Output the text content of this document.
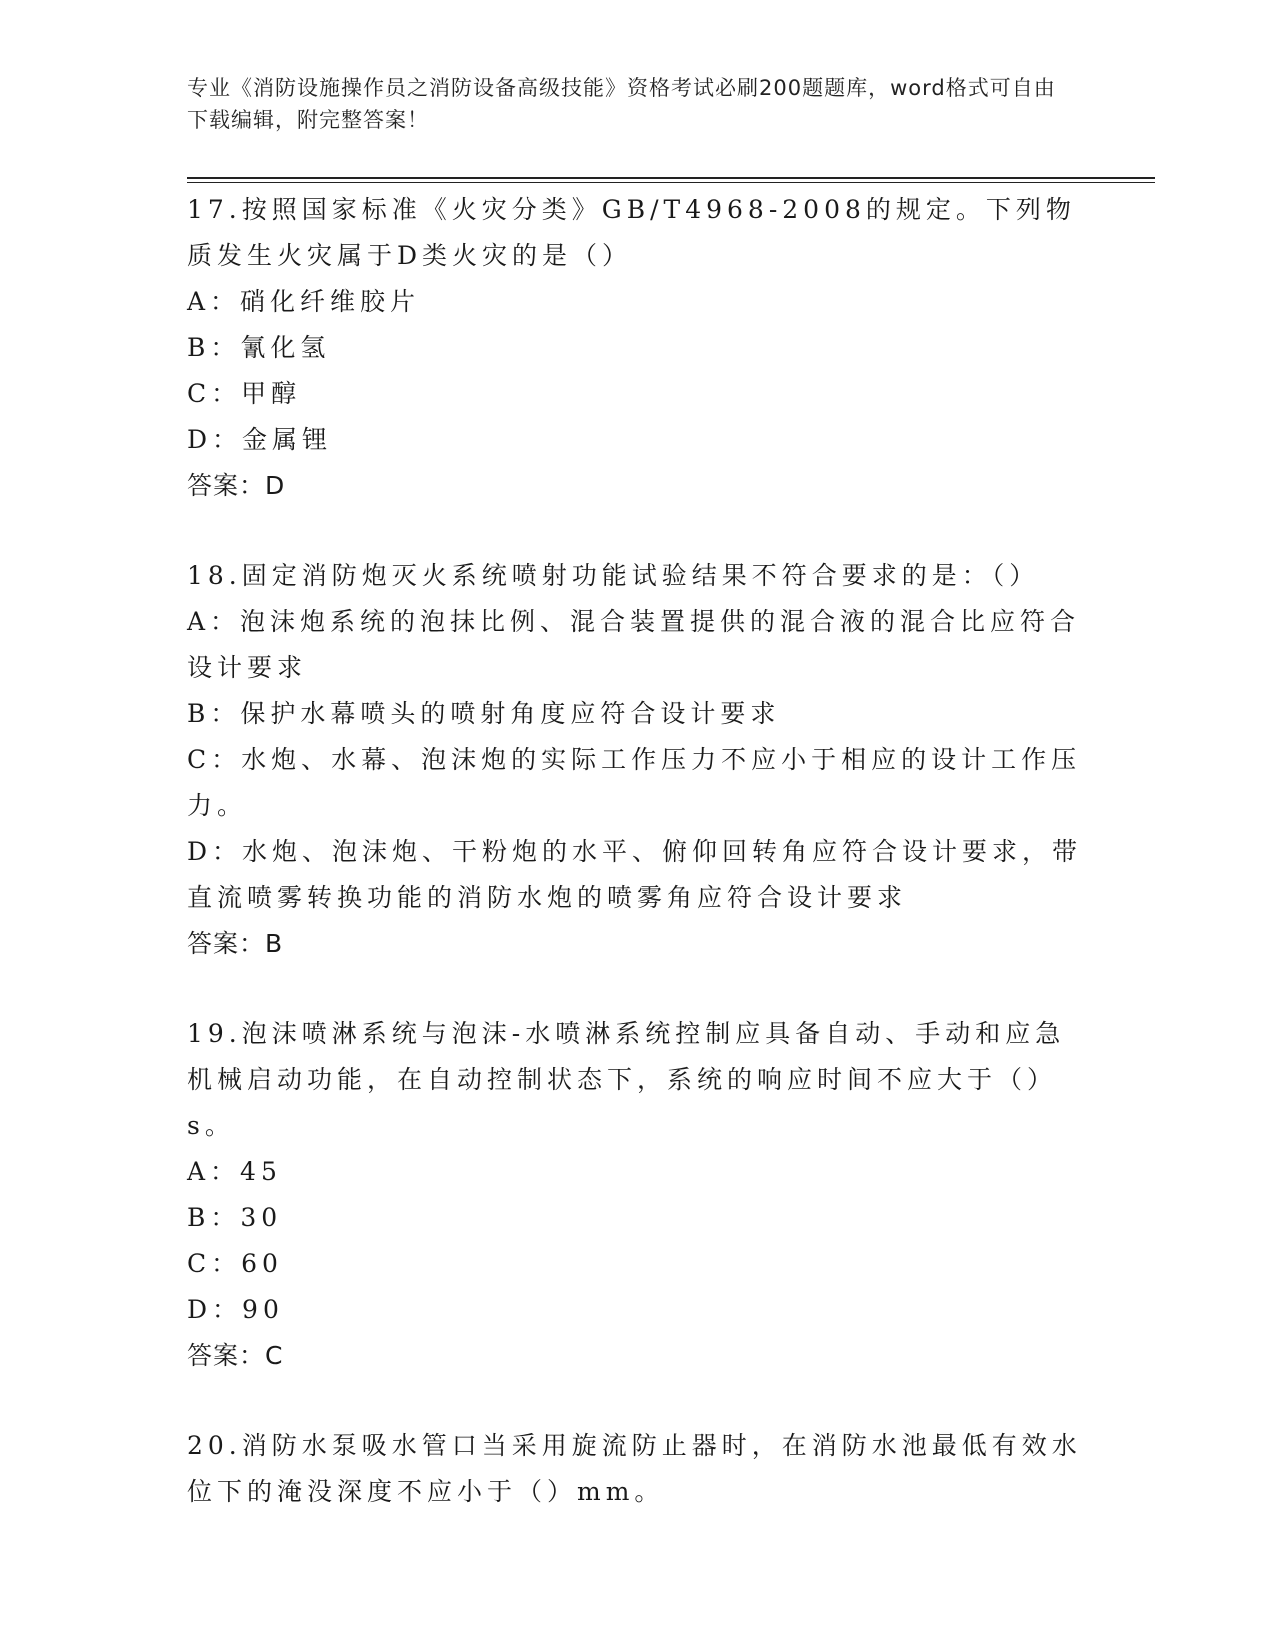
专业《消防设施操作员之消防设备高级技能》资格考试必刷200题题库，word格式可自由下载编辑，附完整答案！

17.按照国家标准《火灾分类》GB/T4968-2008的规定。下列物质发生火灾属于D类火灾的是（）

A：硝化纤维胶片

B：氰化氢

C：甲醇

D：金属锂

答案：D

18.固定消防炮灭火系统喷射功能试验结果不符合要求的是：（）

A：泡沫炮系统的泡抹比例、混合装置提供的混合液的混合比应符合设计要求

B：保护水幕喷头的喷射角度应符合设计要求

C：水炮、水幕、泡沫炮的实际工作压力不应小于相应的设计工作压力。

D：水炮、泡沫炮、干粉炮的水平、俯仰回转角应符合设计要求，带直流喷雾转换功能的消防水炮的喷雾角应符合设计要求

答案：B

19.泡沫喷淋系统与泡沫-水喷淋系统控制应具备自动、手动和应急机械启动功能，在自动控制状态下，系统的响应时间不应大于（）s。

A：45

B：30

C：60

D：90

答案：C

20.消防水泵吸水管口当采用旋流防止器时，在消防水池最低有效水位下的淹没深度不应小于（）mm。
